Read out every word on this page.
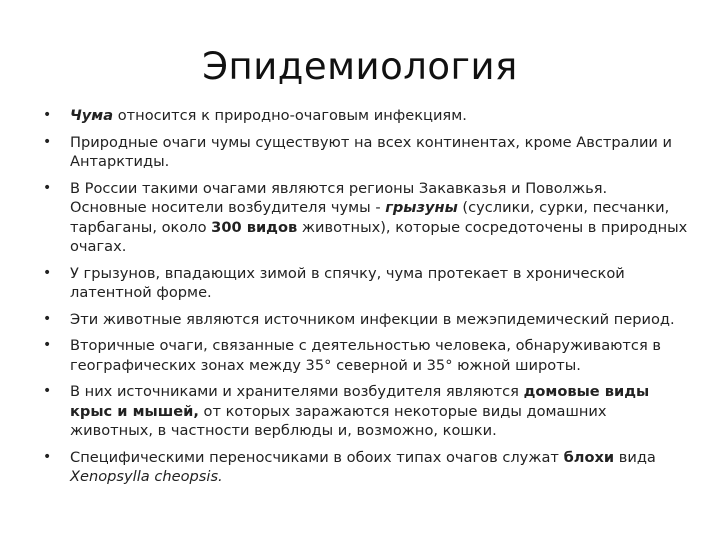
Эпидемиология
• Чума относится к природно-очаговым инфекциям.
• Природные очаги чумы существуют на всех континентах, кроме Австралии и Антарктиды.
• В России такими очагами являются регионы Закавказья и Поволжья. Основные носители возбудителя чумы - грызуны (суслики, сурки, песчанки, тарбаганы, около 300 видов животных), которые сосредоточены в природных очагах.
• У грызунов, впадающих зимой в спячку, чума протекает в хронической латентной форме.
• Эти животные являются источником инфекции в межэпидемический период.
• Вторичные очаги, связанные с деятельностью человека, обнаруживаются в географических зонах между 35° северной и 35° южной широты.
• В них источниками и хранителями возбудителя являются домовые виды крыс и мышей, от которых заражаются некоторые виды домашних животных, в частности верблюды и, возможно, кошки.
• Специфическими переносчиками в обоих типах очагов служат блохи вида Xenopsylla cheopsis.
